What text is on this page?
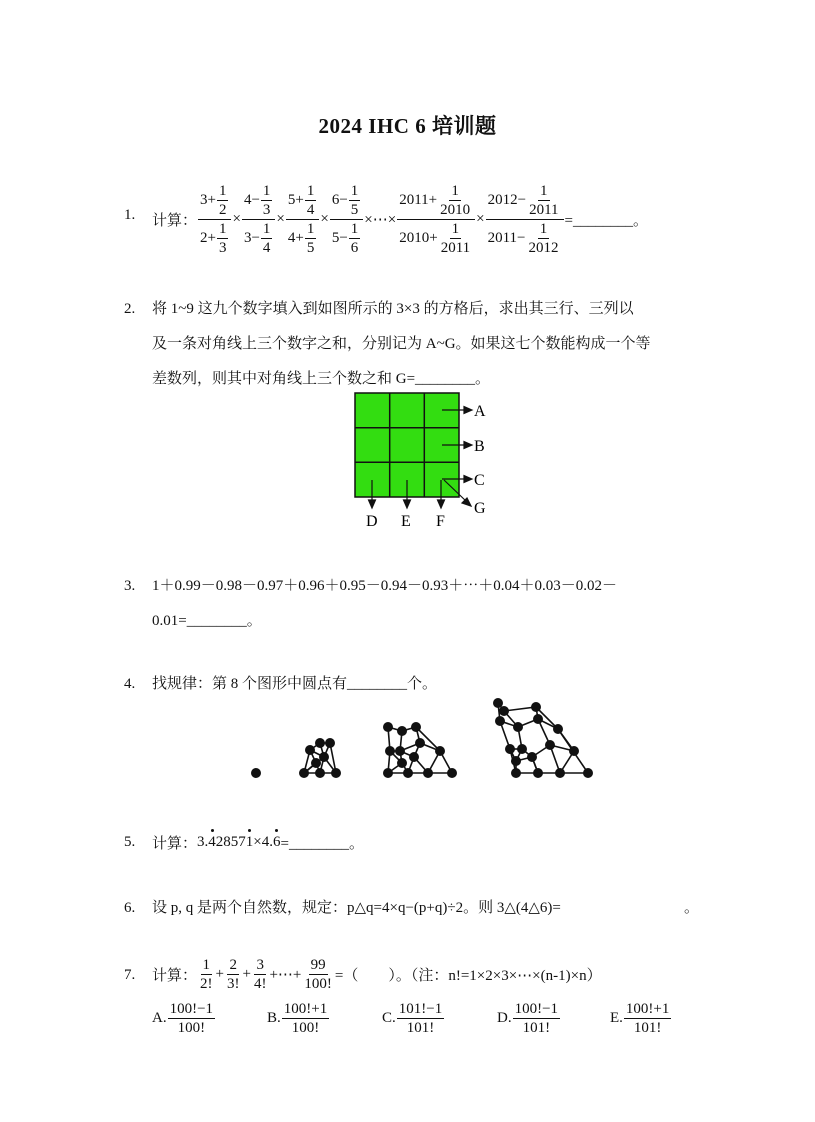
2024 IHC 6 培训题
1. 计算： $\frac{3+ \frac{1}{2}}{2+ \frac{1}{3}} \times \frac{4- \frac{1}{3}}{3- \frac{1}{4}} \times \frac{5+ \frac{1}{4}}{4+ \frac{1}{5}} \times \frac{6- \frac{1}{5}}{5- \frac{1}{6}}$ ×⋯× $\frac{2011+ \frac{1}{2010}}{2010+ \frac{1}{2011}} \times \frac{2012- \frac{1}{2011}}{2011- \frac{1}{2012}}$ =________。
2. 将 1~9 这九个数字填入到如图所示的 3×3 的方格后，求出其三行、三列以
及一条对角线上三个数字之和，分别记为 A~G。如果这七个数能构成一个等
差数列，则其中对角线上三个数之和 G=________。
A
B
C
G
D E F
3. 1＋0.99－0.98－0.97＋0.96＋0.95－0.94－0.93＋⋯＋0.04＋0.03－0.02－
0.01=________。
4. 找规律：第 8 个图形中圆点有________个。
5. 计算： 3. 4 2857 1 ×4. 6 =________。
6. 设 p, q 是两个自然数，规定：p△q=4×q−(p+q)÷2。则 3△(4△6)=	。
7. 计算： $\frac{1}{2!} + \frac{2}{3!} + \frac{3}{4!}$ +⋯+ $\frac{99}{100!}$ =（　　）。（注：n!=1×2×3×⋯×(n-1)×n）
A. $\frac{100!-1}{100!}$	B. $\frac{100!+1}{100!}$	C. $\frac{101!-1}{101!}$	D. $\frac{100!-1}{101!}$	E. $\frac{100!+1}{101!}$
